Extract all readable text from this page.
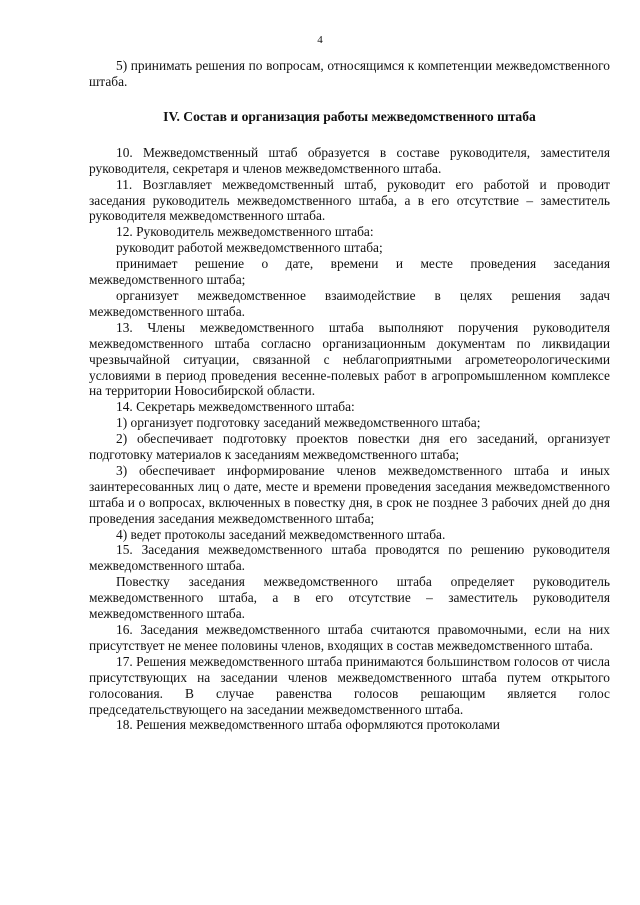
4

5) принимать решения по вопросам, относящимся к компетенции межведомственного штаба.

IV. Состав и организация работы межведомственного штаба

10. Межведомственный штаб образуется в составе руководителя, заместителя руководителя, секретаря и членов межведомственного штаба.

11. Возглавляет межведомственный штаб, руководит его работой и проводит заседания руководитель межведомственного штаба, а в его отсутствие – заместитель руководителя межведомственного штаба.

12. Руководитель межведомственного штаба:

руководит работой межведомственного штаба;

принимает решение о дате, времени и месте проведения заседания межведомственного штаба;

организует межведомственное взаимодействие в целях решения задач межведомственного штаба.

13. Члены межведомственного штаба выполняют поручения руководителя межведомственного штаба согласно организационным документам по ликвидации чрезвычайной ситуации, связанной с неблагоприятными агрометеорологическими условиями в период проведения весенне-полевых работ в агропромышленном комплексе на территории Новосибирской области.

14. Секретарь межведомственного штаба:

1) организует подготовку заседаний межведомственного штаба;

2) обеспечивает подготовку проектов повестки дня его заседаний, организует подготовку материалов к заседаниям межведомственного штаба;

3) обеспечивает информирование членов межведомственного штаба и иных заинтересованных лиц о дате, месте и времени проведения заседания межведомственного штаба и о вопросах, включенных в повестку дня, в срок не позднее 3 рабочих дней до дня проведения заседания межведомственного штаба;

4) ведет протоколы заседаний межведомственного штаба.

15. Заседания межведомственного штаба проводятся по решению руководителя межведомственного штаба.

Повестку заседания межведомственного штаба определяет руководитель межведомственного штаба, а в его отсутствие – заместитель руководителя межведомственного штаба.

16. Заседания межведомственного штаба считаются правомочными, если на них присутствует не менее половины членов, входящих в состав межведомственного штаба.

17. Решения межведомственного штаба принимаются большинством голосов от числа присутствующих на заседании членов межведомственного штаба путем открытого голосования. В случае равенства голосов решающим является голос председательствующего на заседании межведомственного штаба.

18. Решения межведомственного штаба оформляются протоколами
